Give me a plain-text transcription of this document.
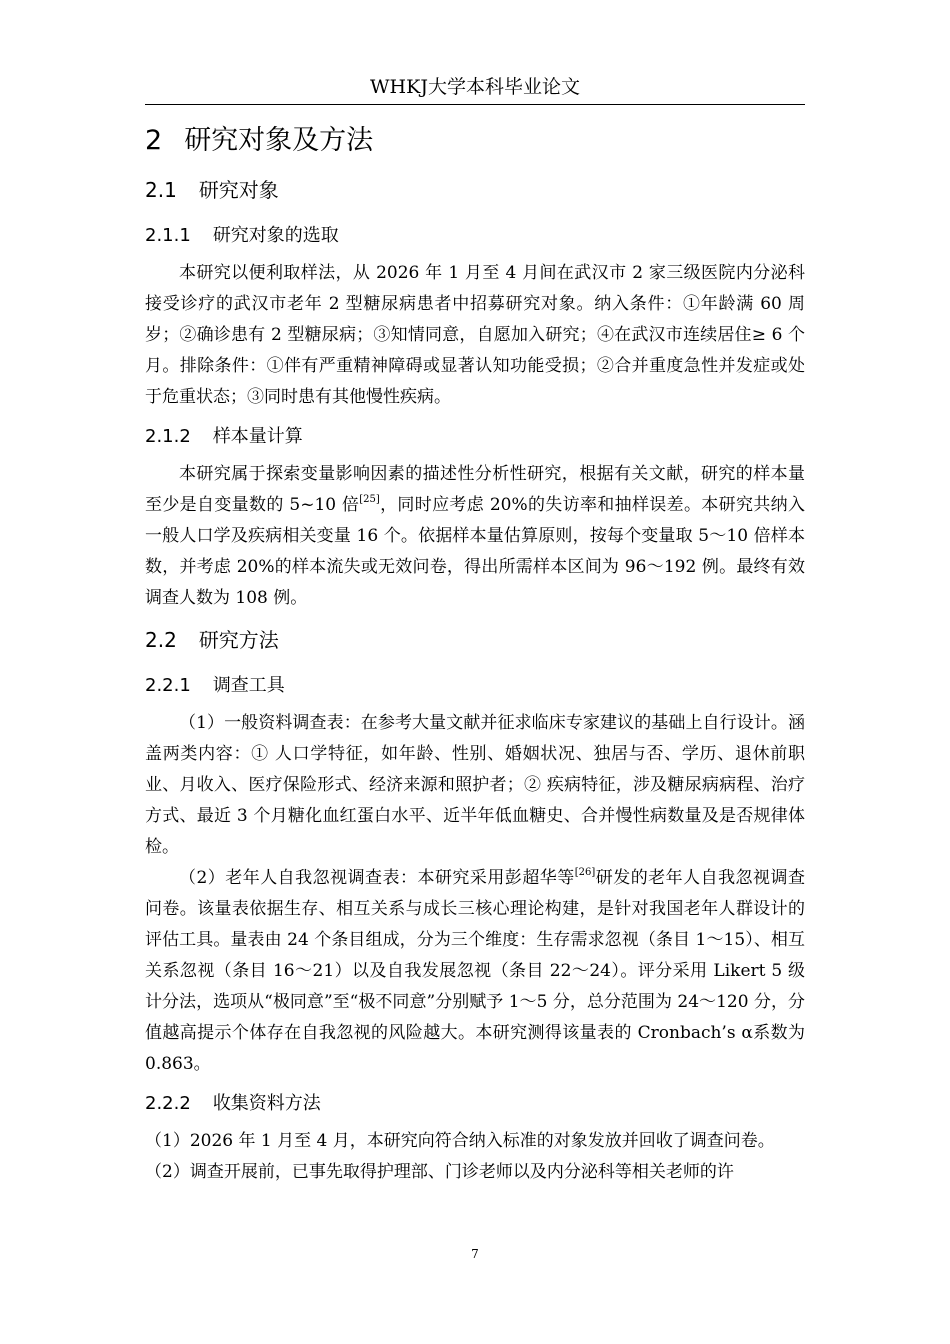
WHKJ大学本科毕业论文
2 研究对象及方法
2.1 研究对象
2.1.1 研究对象的选取

本研究以便利取样法，从 2026 年 1 月至 4 月间在武汉市 2 家三级医院内分泌科接受诊疗的武汉市老年 2 型糖尿病患者中招募研究对象。纳入条件：①年龄满 60 周岁；②确诊患有 2 型糖尿病；③知情同意，自愿加入研究；④在武汉市连续居住≥ 6 个月。排除条件：①伴有严重精神障碍或显著认知功能受损；②合并重度急性并发症或处于危重状态；③同时患有其他慢性疾病。

2.1.2 样本量计算

本研究属于探索变量影响因素的描述性分析性研究，根据有关文献，研究的样本量至少是自变量数的 5~10 倍[25]，同时应考虑 20%的失访率和抽样误差。本研究共纳入一般人口学及疾病相关变量 16 个。依据样本量估算原则，按每个变量取 5～10 倍样本数，并考虑 20%的样本流失或无效问卷，得出所需样本区间为 96～192 例。最终有效调查人数为 108 例。

2.2 研究方法
2.2.1 调查工具

（1）一般资料调查表：在参考大量文献并征求临床专家建议的基础上自行设计。涵盖两类内容：① 人口学特征，如年龄、性别、婚姻状况、独居与否、学历、退休前职业、月收入、医疗保险形式、经济来源和照护者；② 疾病特征，涉及糖尿病病程、治疗方式、最近 3 个月糖化血红蛋白水平、近半年低血糖史、合并慢性病数量及是否规律体检。

（2）老年人自我忽视调查表：本研究采用彭超华等[26]研发的老年人自我忽视调查问卷。该量表依据生存、相互关系与成长三核心理论构建，是针对我国老年人群设计的评估工具。量表由 24 个条目组成，分为三个维度：生存需求忽视（条目 1～15）、相互关系忽视（条目 16～21）以及自我发展忽视（条目 22～24）。评分采用 Likert 5 级计分法，选项从“极同意”至“极不同意”分别赋予 1～5 分，总分范围为 24～120 分，分值越高提示个体存在自我忽视的风险越大。本研究测得该量表的 Cronbach’s α系数为 0.863。

2.2.2 收集资料方法

（1）2026 年 1 月至 4 月，本研究向符合纳入标准的对象发放并回收了调查问卷。

（2）调查开展前，已事先取得护理部、门诊老师以及内分泌科等相关老师的许

7
